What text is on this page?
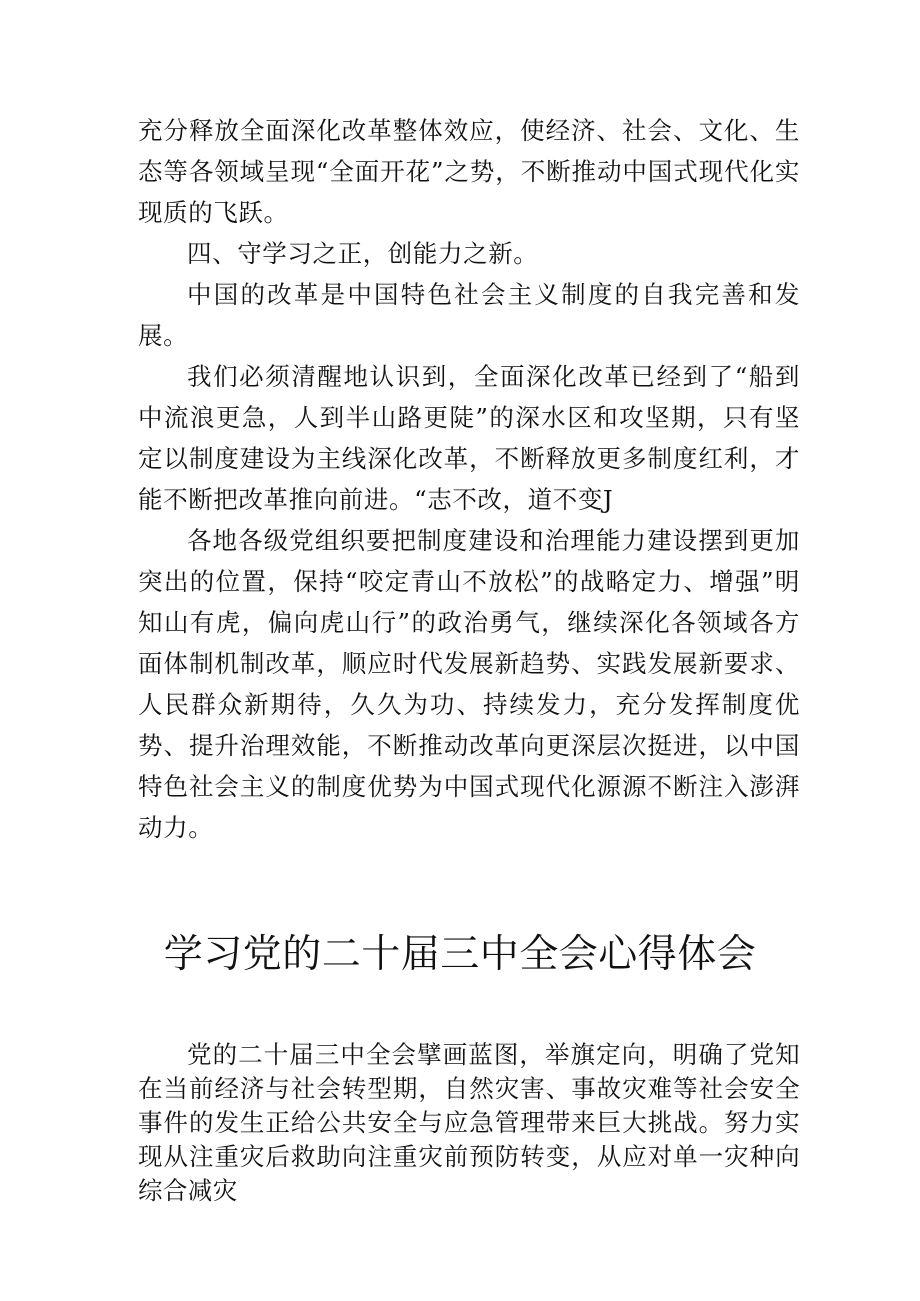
充分释放全面深化改革整体效应，使经济、社会、文化、生态等各领域呈现“全面开花”之势，不断推动中国式现代化实现质的飞跃。

四、守学习之正，创能力之新。

中国的改革是中国特色社会主义制度的自我完善和发展。

我们必须清醒地认识到，全面深化改革已经到了“船到中流浪更急，人到半山路更陡”的深水区和攻坚期，只有坚定以制度建设为主线深化改革，不断释放更多制度红利，才能不断把改革推向前进。“志不改，道不变J

各地各级党组织要把制度建设和治理能力建设摆到更加突出的位置，保持“咬定青山不放松”的战略定力、增强”明知山有虎，偏向虎山行”的政治勇气，继续深化各领域各方面体制机制改革，顺应时代发展新趋势、实践发展新要求、人民群众新期待，久久为功、持续发力，充分发挥制度优势、提升治理效能，不断推动改革向更深层次挺进，以中国特色社会主义的制度优势为中国式现代化源源不断注入澎湃动力。

学习党的二十届三中全会心得体会

党的二十届三中全会擘画蓝图，举旗定向，明确了党知在当前经济与社会转型期，自然灾害、事故灾难等社会安全事件的发生正给公共安全与应急管理带来巨大挑战。努力实现从注重灾后救助向注重灾前预防转变，从应对单一灾种向综合减灾
